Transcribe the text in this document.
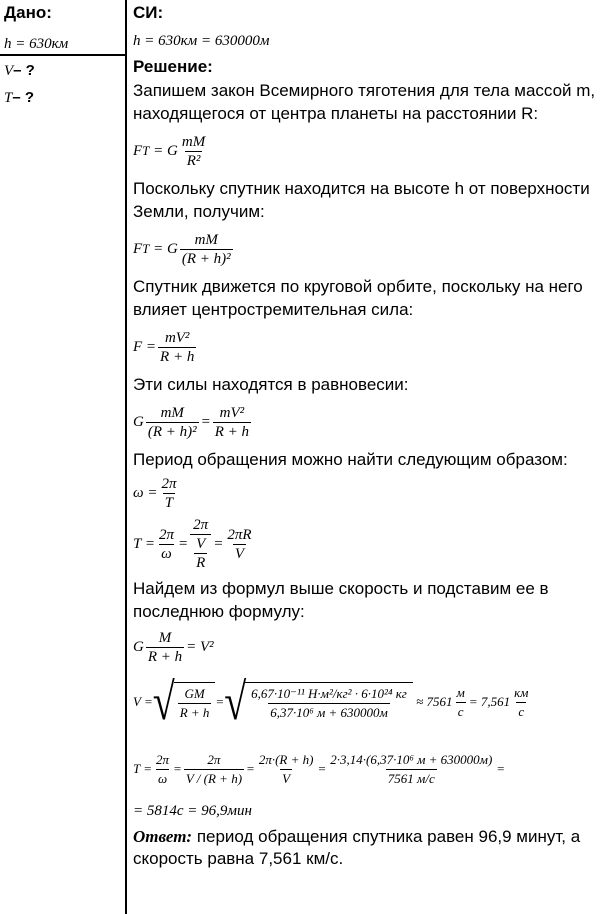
Дано:
h = 630км
V– ?
T– ?
СИ:
h = 630км = 630000м
Решение:

Запишем закон Всемирного тяготения для тела массой m, находящегося от центра планеты на расстоянии R:

F T
= G $\frac{mM}{\text{R²}}$

Поскольку спутник находится на высоте h от поверхности Земли, получим:

F T
= G $\frac{mM}{\text{(R + h)²}}$

Спутник движется по круговой орбите, поскольку на него влияет центростремительная сила:

$F = \frac{\text{mV²}}{R + h}$

Эти силы находятся в равновесии:

G $\frac{mM}{\text{(R + h)²}} = \frac{\text{mV²}}{R + h}$

Период обращения можно найти следующим образом:

$\omega = \frac{2\pi}{T}$
$T = \frac{2\pi}{\omega} = \frac{2\pi}{\frac{V}{R}} = \frac{2\pi R}{V}$

Найдем из формул выше скорость и подставим ее в последнюю формулу:

G $\frac{M}{R + h} = V^2$
V = √ $\frac{GM}{R + h}$ = √ $\frac{\text{6,67·10⁻¹¹ Н·м²/кг² · 6·10²⁴ кг}}{\text{6,37·10⁶ м + 630000м}}$
≈ $7561 \frac{м}{с} = 7,561 \frac{км}{с}$
$T = \frac{2\pi}{\omega} = \frac{2\pi}{V / (R + h)} = \frac{2\pi\cdot(R + h)}{V} = \frac{\text{2·3,14·(6,37·10⁶ м + 630000м)}}{7561 м/с}$ =
= 5814с = 96,9мин

Ответ: период обращения спутника равен 96,9 минут, а скорость равна 7,561 км/с.
